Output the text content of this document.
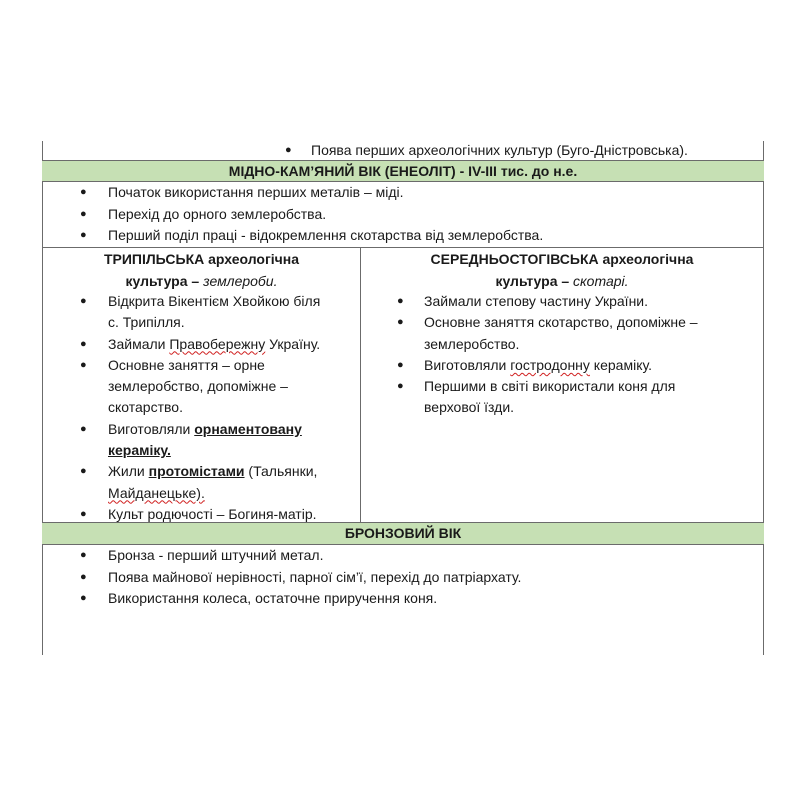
● Поява перших археологічних культур (Буго-Дністровська).
МІДНО-КАМ’ЯНИЙ ВІК (ЕНЕОЛІТ) - IV-III тис. до н.е.
● Початок використання перших металів – міді.
● Перехід до орного землеробства.
● Перший поділ праці - відокремлення скотарства від землеробства.
ТРИПІЛЬСЬКА археологічна
культура – землероби.
● Відкрита Вікентієм Хвойкою біля
с. Трипілля.
● Займали Правобережну Україну.
● Основне заняття – орне
землеробство, допоміжне –
скотарство.
● Виготовляли орнаментовану
кераміку.
● Жили протомістами (Тальянки,
Майданецьке).
● Культ родючості – Богиня-матір.
СЕРЕДНЬОСТОГІВСЬКА археологічна
культура – скотарі.
● Займали степову частину України.
● Основне заняття скотарство, допоміжне –
землеробство.
● Виготовляли гостродонну кераміку.
● Першими в світі використали коня для
верхової їзди.
БРОНЗОВИЙ ВІК
● Бронза - перший штучний метал.
● Поява майнової нерівності, парної сім’ї, перехід до патріархату.
● Використання колеса, остаточне приручення коня.
